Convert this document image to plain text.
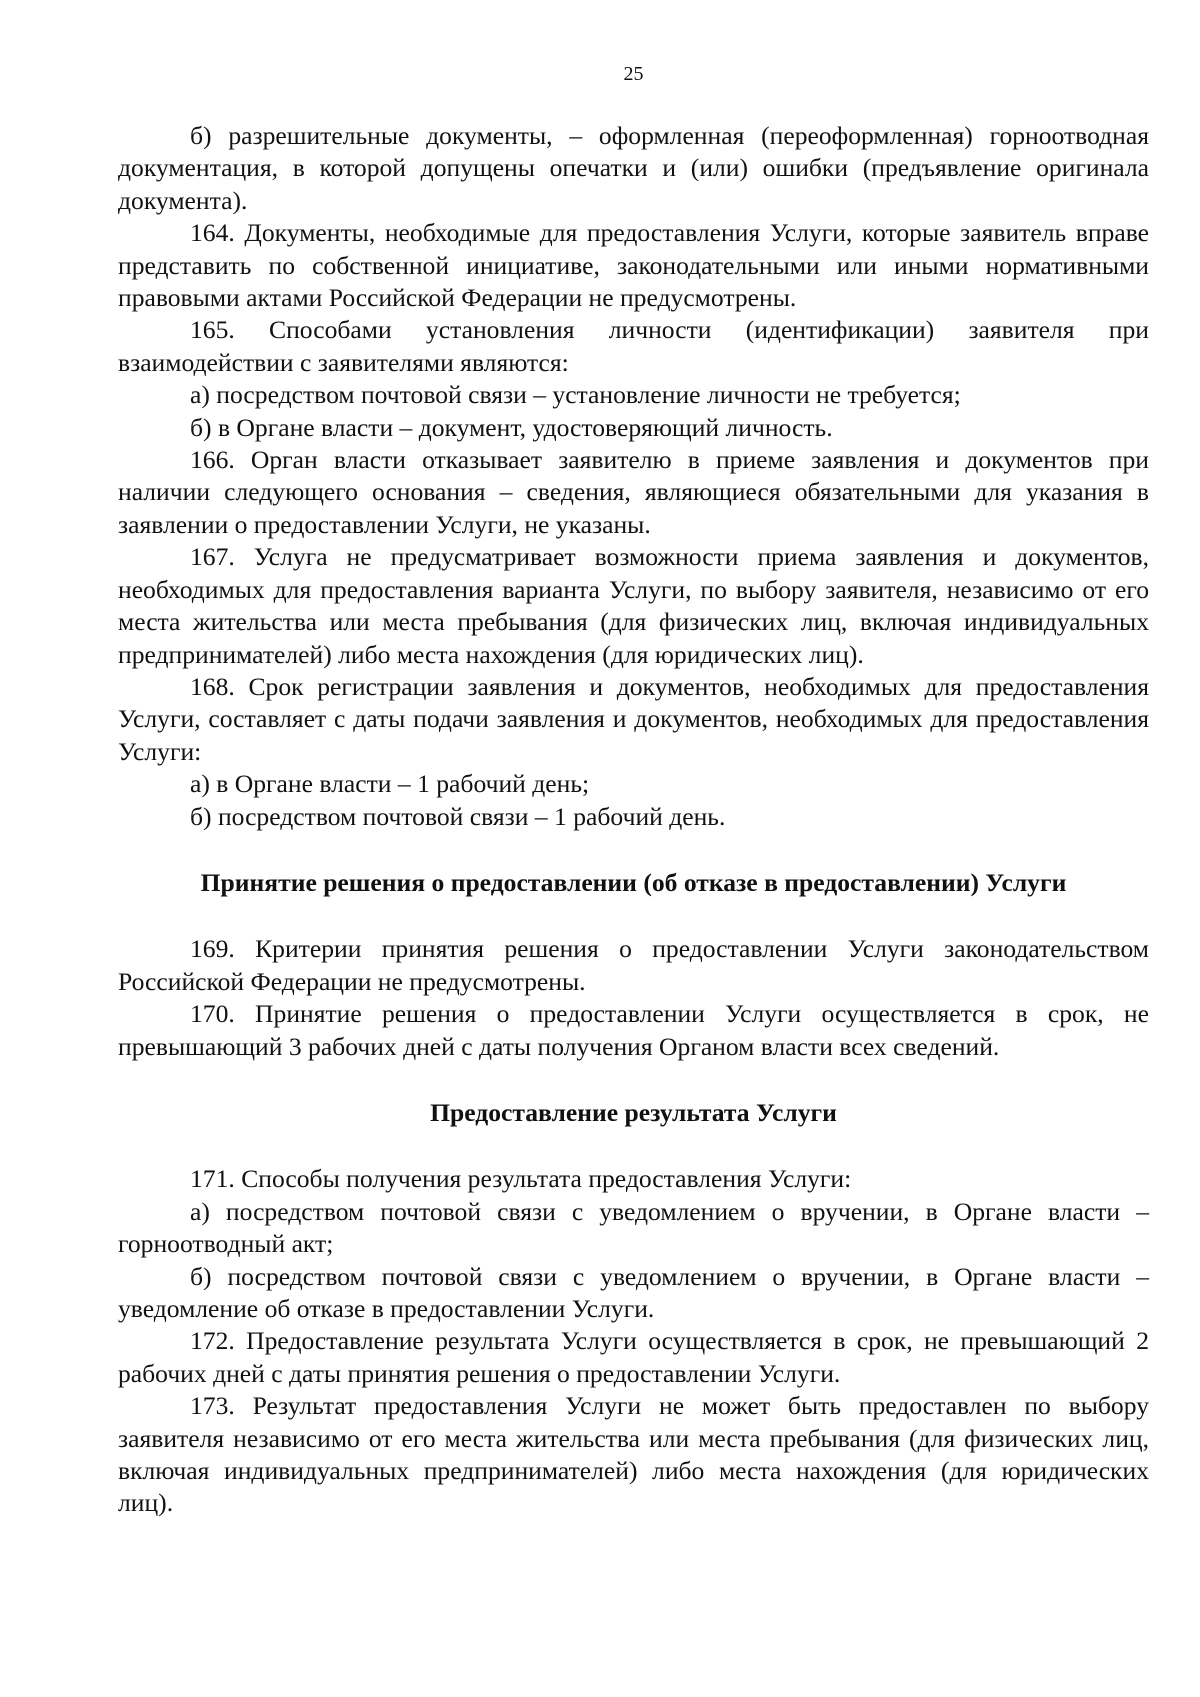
25

б) разрешительные документы, – оформленная (переоформленная) горноотводная документация, в которой допущены опечатки и (или) ошибки (предъявление оригинала документа).

164. Документы, необходимые для предоставления Услуги, которые заявитель вправе представить по собственной инициативе, законодательными или иными нормативными правовыми актами Российской Федерации не предусмотрены.

165. Способами установления личности (идентификации) заявителя при взаимодействии с заявителями являются:

а) посредством почтовой связи – установление личности не требуется;

б) в Органе власти – документ, удостоверяющий личность.

166. Орган власти отказывает заявителю в приеме заявления и документов при наличии следующего основания – сведения, являющиеся обязательными для указания в заявлении о предоставлении Услуги, не указаны.

167. Услуга не предусматривает возможности приема заявления и документов, необходимых для предоставления варианта Услуги, по выбору заявителя, независимо от его места жительства или места пребывания (для физических лиц, включая индивидуальных предпринимателей) либо места нахождения (для юридических лиц).

168. Срок регистрации заявления и документов, необходимых для предоставления Услуги, составляет с даты подачи заявления и документов, необходимых для предоставления Услуги:

а) в Органе власти – 1 рабочий день;

б) посредством почтовой связи – 1 рабочий день.

Принятие решения о предоставлении (об отказе в предоставлении) Услуги

169. Критерии принятия решения о предоставлении Услуги законодательством Российской Федерации не предусмотрены.

170. Принятие решения о предоставлении Услуги осуществляется в срок, не превышающий 3 рабочих дней с даты получения Органом власти всех сведений.

Предоставление результата Услуги

171. Способы получения результата предоставления Услуги:

а) посредством почтовой связи с уведомлением о вручении, в Органе власти – горноотводный акт;

б) посредством почтовой связи с уведомлением о вручении, в Органе власти – уведомление об отказе в предоставлении Услуги.

172. Предоставление результата Услуги осуществляется в срок, не превышающий 2 рабочих дней с даты принятия решения о предоставлении Услуги.

173. Результат предоставления Услуги не может быть предоставлен по выбору заявителя независимо от его места жительства или места пребывания (для физических лиц, включая индивидуальных предпринимателей) либо места нахождения (для юридических лиц).
